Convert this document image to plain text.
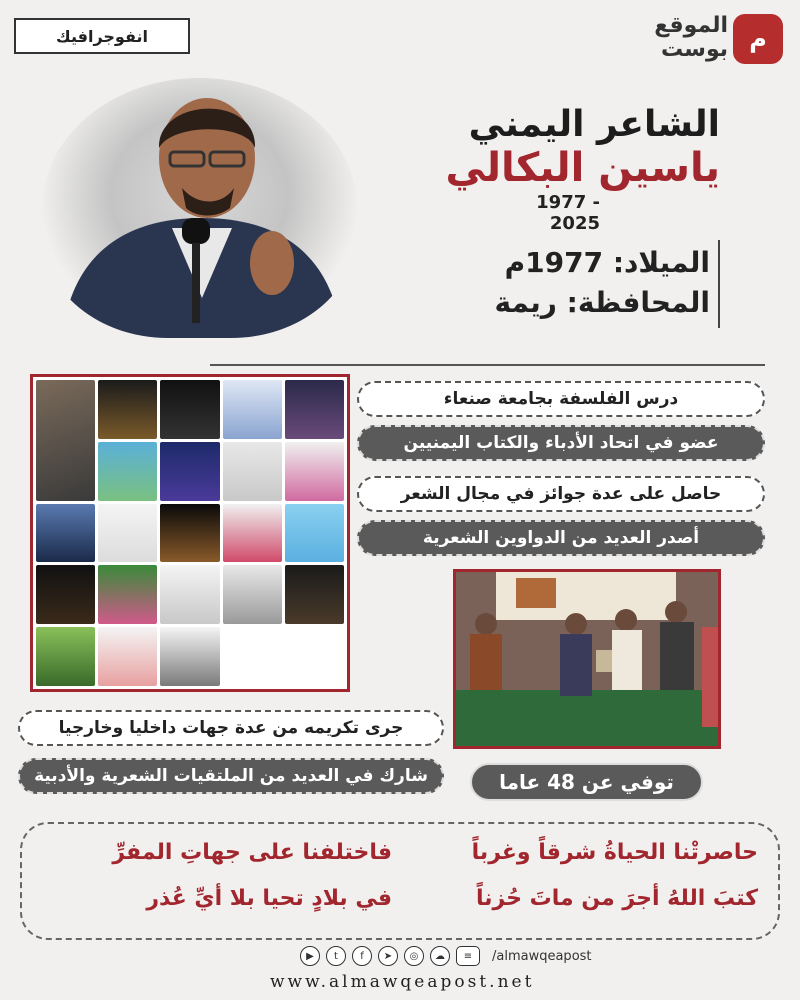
انفوجرافيك	الموقع
بوست م
الشاعر اليمني
ياسين البكالي
1977 - 2025
الميلاد: 1977م
المحافظة: ريمة
درس الفلسفة بجامعة صنعاء
عضو في اتحاد الأدباء والكتاب اليمنيين
حاصل على عدة جوائز في مجال الشعر
أصدر العديد من الدواوين الشعرية
جرى تكريمه من عدة جهات داخليا وخارجيا
شارك في العديد من الملتقيات الشعرية والأدبية	توفي عن 48 عاما
حاصرتْنا الحياةُ شرقاً وغرباً
فاختلفنا على جهاتِ المفرِّ
كتبَ اللهُ أجرَ من ماتَ حُزناً
في بلادٍ تحيا بلا أيِّ عُذر
▶	t	f	➤	◎	☁	≡	/almawqeapost
www.almawqeapost.net
